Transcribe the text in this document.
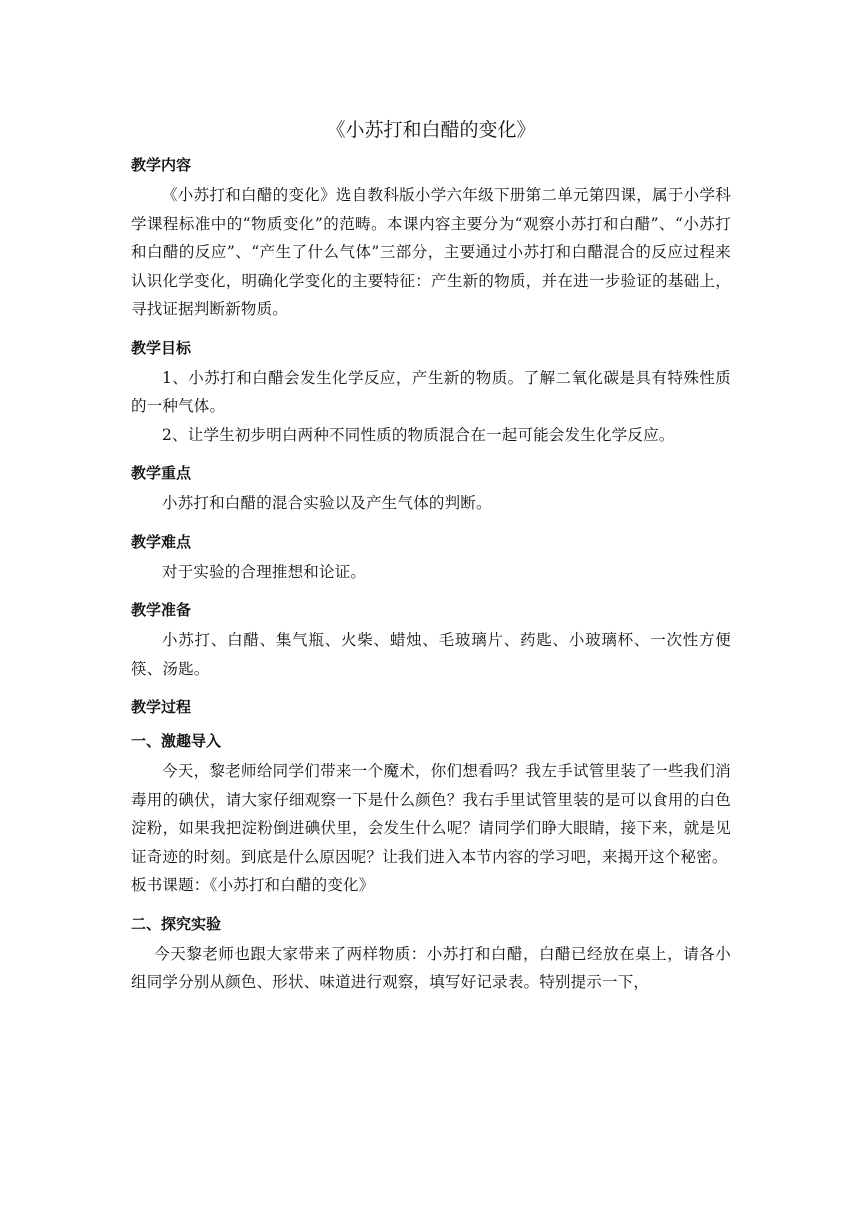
《小苏打和白醋的变化》
教学内容

《小苏打和白醋的变化》选自教科版小学六年级下册第二单元第四课，属于小学科学课程标准中的“物质变化”的范畴。本课内容主要分为“观察小苏打和白醋”、“小苏打和白醋的反应”、“产生了什么气体”三部分，主要通过小苏打和白醋混合的反应过程来认识化学变化，明确化学变化的主要特征：产生新的物质，并在进一步验证的基础上，寻找证据判断新物质。

教学目标

1、小苏打和白醋会发生化学反应，产生新的物质。了解二氧化碳是具有特殊性质的一种气体。

2、让学生初步明白两种不同性质的物质混合在一起可能会发生化学反应。

教学重点

小苏打和白醋的混合实验以及产生气体的判断。

教学难点

对于实验的合理推想和论证。

教学准备

小苏打、白醋、集气瓶、火柴、蜡烛、毛玻璃片、药匙、小玻璃杯、一次性方便筷、汤匙。

教学过程
一、激趣导入

今天，黎老师给同学们带来一个魔术，你们想看吗？我左手试管里装了一些我们消毒用的碘伏，请大家仔细观察一下是什么颜色？我右手里试管里装的是可以食用的白色淀粉，如果我把淀粉倒进碘伏里，会发生什么呢？请同学们睁大眼睛，接下来，就是见证奇迹的时刻。到底是什么原因呢？让我们进入本节内容的学习吧，来揭开这个秘密。

板书课题：《小苏打和白醋的变化》

二、探究实验

今天黎老师也跟大家带来了两样物质：小苏打和白醋，白醋已经放在桌上，请各小组同学分别从颜色、形状、味道进行观察，填写好记录表。特别提示一下，
